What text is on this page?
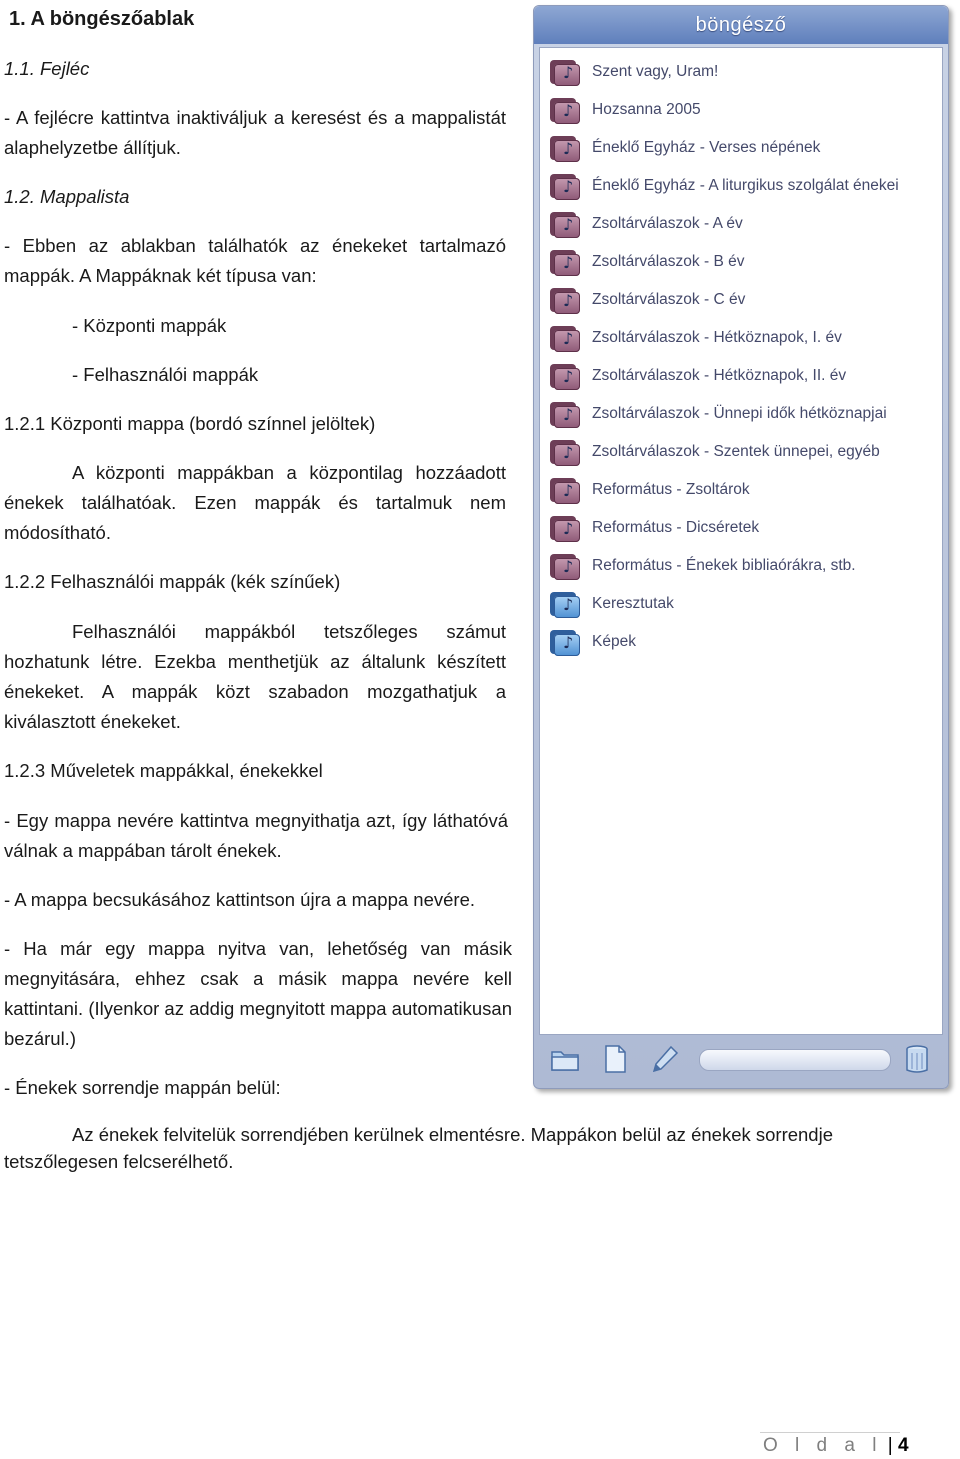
1. A böngészőablak
1.1. Fejléc
- A fejlécre kattintva inaktiváljuk a keresést és a mappalistát alaphelyzetbe állítjuk.
1.2. Mappalista
- Ebben az ablakban találhatók az énekeket tartalmazó mappák. A Mappáknak két típusa van:
- Központi mappák
- Felhasználói mappák
1.2.1 Központi mappa (bordó színnel jelöltek)
A központi mappákban a központilag hozzáadott énekek találhatóak. Ezen mappák és tartalmuk nem módosítható.
1.2.2 Felhasználói mappák (kék színűek)
Felhasználói mappákból tetszőleges számut hozhatunk létre. Ezekba menthetjük az általunk készített énekeket. A mappák közt szabadon mozgathatjuk a kiválasztott énekeket.
1.2.3 Műveletek mappákkal, énekekkel
- Egy mappa nevére kattintva megnyithatja azt, így láthatóvá válnak a mappában tárolt énekek.
- A mappa becsukásához kattintson újra a mappa nevére.
- Ha már egy mappa nyitva van, lehetőség van másik megnyitására, ehhez csak a másik mappa nevére kell kattintani. (Ilyenkor az addig megnyitott mappa automatikusan bezárul.)
- Énekek sorrendje mappán belül:
Az énekek felvitelük sorrendjében kerülnek elmentésre. Mappákon belül az énekek sorrendje tetszőlegesen felcserélhető.
böngésző
♪ Szent vagy, Uram!
♪ Hozsanna 2005
♪ Éneklő Egyház - Verses népének
♪ Éneklő Egyház - A liturgikus szolgálat énekei
♪ Zsoltárválaszok - A év
♪ Zsoltárválaszok - B év
♪ Zsoltárválaszok - C év
♪ Zsoltárválaszok - Hétköznapok, I. év
♪ Zsoltárválaszok - Hétköznapok, II. év
♪ Zsoltárválaszok - Ünnepi idők hétköznapjai
♪ Zsoltárválaszok - Szentek ünnepei, egyéb
♪ Református - Zsoltárok
♪ Református - Dicséretek
♪ Református - Énekek bibliaórákra, stb.
♪ Keresztutak
♪ Képek
O l d a l | 4
